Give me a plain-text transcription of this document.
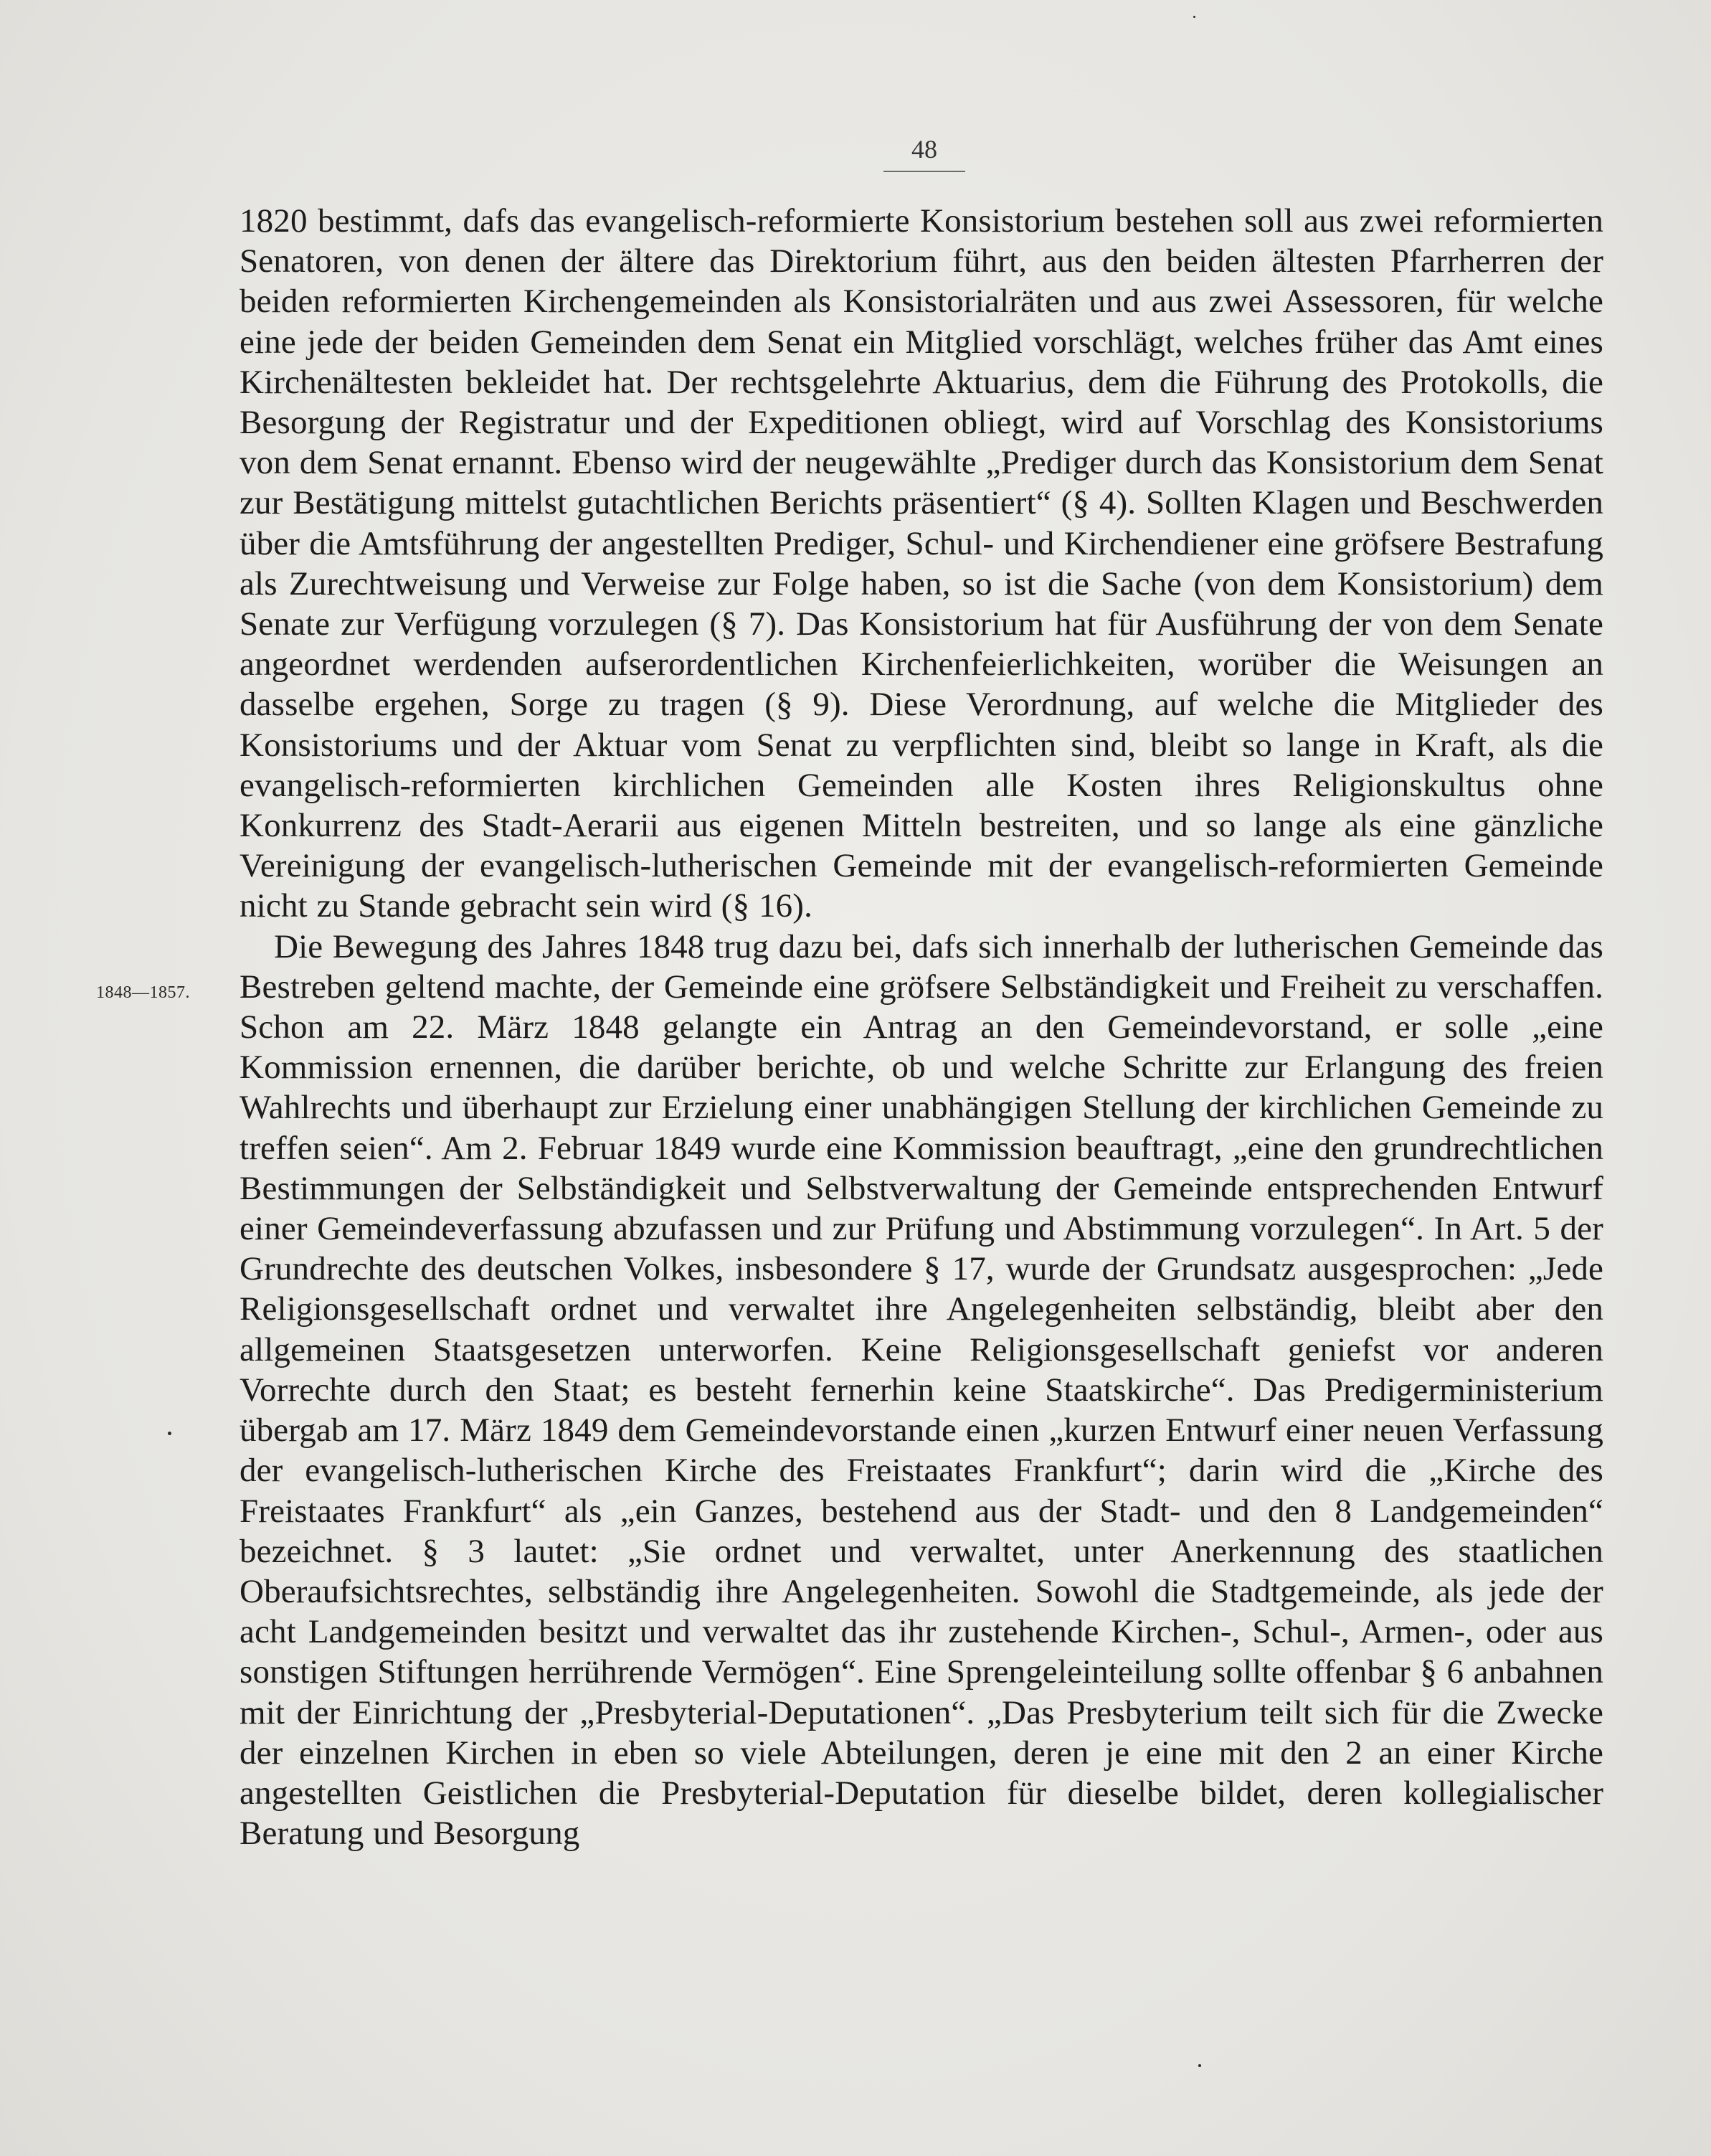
48
1848—1857.

1820 bestimmt, dafs das evangelisch-reformierte Konsistorium bestehen soll aus zwei reformierten Senatoren, von denen der ältere das Direktorium führt, aus den beiden ältesten Pfarrherren der beiden reformierten Kirchengemeinden als Konsistorialräten und aus zwei Assessoren, für welche eine jede der beiden Gemeinden dem Senat ein Mitglied vorschlägt, welches früher das Amt eines Kirchenältesten bekleidet hat. Der rechtsgelehrte Aktuarius, dem die Führung des Protokolls, die Besorgung der Registratur und der Expeditionen obliegt, wird auf Vorschlag des Konsistoriums von dem Senat ernannt. Ebenso wird der neugewählte „Prediger durch das Konsistorium dem Senat zur Bestätigung mittelst gutachtlichen Berichts präsentiert“ (§ 4). Sollten Klagen und Beschwerden über die Amtsführung der angestellten Prediger, Schul- und Kirchendiener eine gröfsere Bestrafung als Zurechtweisung und Verweise zur Folge haben, so ist die Sache (von dem Konsistorium) dem Senate zur Verfügung vorzulegen (§ 7). Das Konsistorium hat für Ausführung der von dem Senate angeordnet werdenden aufserordentlichen Kirchenfeierlichkeiten, worüber die Weisungen an dasselbe ergehen, Sorge zu tragen (§ 9). Diese Verordnung, auf welche die Mitglieder des Konsistoriums und der Aktuar vom Senat zu verpflichten sind, bleibt so lange in Kraft, als die evangelisch-reformierten kirchlichen Gemeinden alle Kosten ihres Religionskultus ohne Konkurrenz des Stadt-Aerarii aus eigenen Mitteln bestreiten, und so lange als eine gänzliche Vereinigung der evangelisch-lutherischen Gemeinde mit der evangelisch-reformierten Gemeinde nicht zu Stande gebracht sein wird (§ 16).

Die Bewegung des Jahres 1848 trug dazu bei, dafs sich innerhalb der lutherischen Gemeinde das Bestreben geltend machte, der Gemeinde eine gröfsere Selbständigkeit und Freiheit zu verschaffen. Schon am 22. März 1848 gelangte ein Antrag an den Gemeindevorstand, er solle „eine Kommission ernennen, die darüber berichte, ob und welche Schritte zur Erlangung des freien Wahlrechts und überhaupt zur Erzielung einer unabhängigen Stellung der kirchlichen Gemeinde zu treffen seien“. Am 2. Februar 1849 wurde eine Kommission beauftragt, „eine den grundrechtlichen Bestimmungen der Selbständigkeit und Selbstverwaltung der Gemeinde entsprechenden Entwurf einer Gemeindeverfassung abzufassen und zur Prüfung und Abstimmung vorzulegen“. In Art. 5 der Grundrechte des deutschen Volkes, insbesondere § 17, wurde der Grundsatz ausgesprochen: „Jede Religionsgesellschaft ordnet und verwaltet ihre Angelegenheiten selbständig, bleibt aber den allgemeinen Staatsgesetzen unterworfen. Keine Religionsgesellschaft geniefst vor anderen Vorrechte durch den Staat; es besteht fernerhin keine Staatskirche“. Das Predigerministerium übergab am 17. März 1849 dem Gemeindevorstande einen „kurzen Entwurf einer neuen Verfassung der evangelisch-lutherischen Kirche des Freistaates Frankfurt“; darin wird die „Kirche des Freistaates Frankfurt“ als „ein Ganzes, bestehend aus der Stadt- und den 8 Landgemeinden“ bezeichnet. § 3 lautet: „Sie ordnet und verwaltet, unter Anerkennung des staatlichen Oberaufsichtsrechtes, selbständig ihre Angelegenheiten. Sowohl die Stadtgemeinde, als jede der acht Landgemeinden besitzt und verwaltet das ihr zustehende Kirchen-, Schul-, Armen-, oder aus sonstigen Stiftungen herrührende Vermögen“. Eine Sprengeleinteilung sollte offenbar § 6 anbahnen mit der Einrichtung der „Presbyterial-Deputationen“. „Das Presbyterium teilt sich für die Zwecke der einzelnen Kirchen in eben so viele Abteilungen, deren je eine mit den 2 an einer Kirche angestellten Geistlichen die Presbyterial-Deputation für dieselbe bildet, deren kollegialischer Beratung und Besorgung
